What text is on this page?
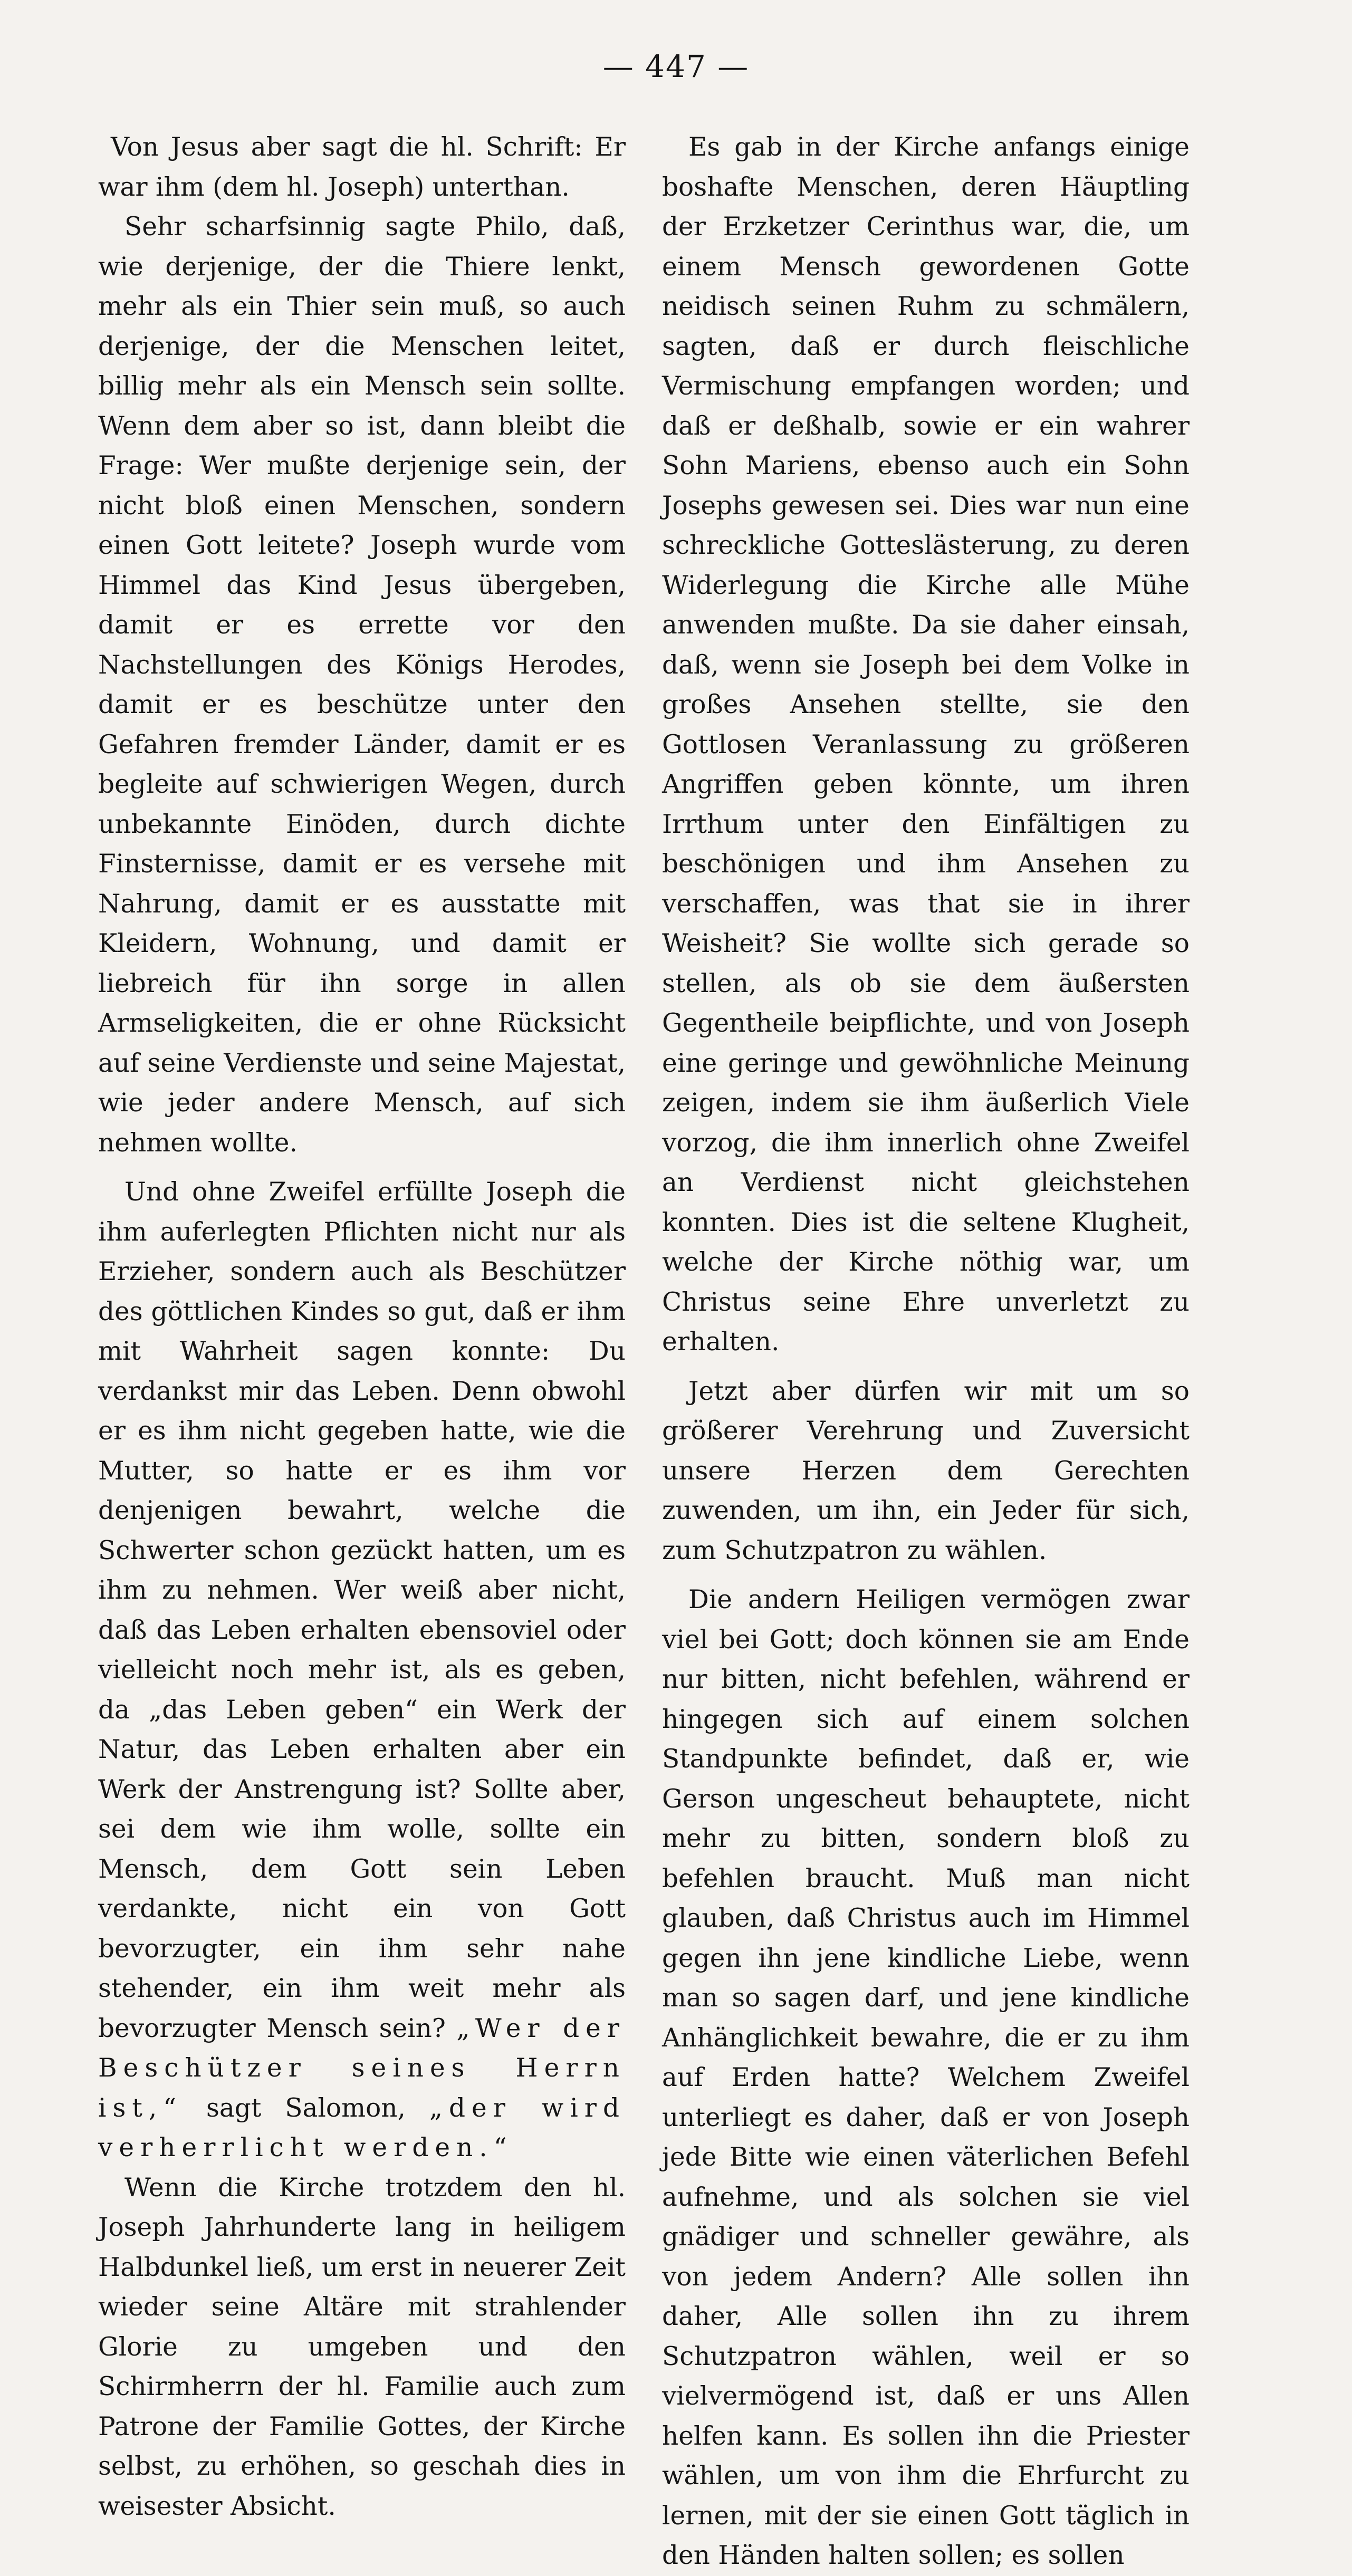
— 447 —

Von Jesus aber sagt die hl. Schrift: Er war ihm (dem hl. Joseph) unterthan.

Sehr scharfsinnig sagte Philo, daß, wie derjenige, der die Thiere lenkt, mehr als ein Thier sein muß, so auch derjenige, der die Menschen leitet, billig mehr als ein Mensch sein sollte. Wenn dem aber so ist, dann bleibt die Frage: Wer mußte derjenige sein, der nicht bloß einen Menschen, sondern einen Gott leitete? Joseph wurde vom Himmel das Kind Jesus übergeben, damit er es errette vor den Nachstellungen des Königs Herodes, damit er es beschütze unter den Gefahren fremder Länder, damit er es begleite auf schwierigen Wegen, durch unbekannte Einöden, durch dichte Finsternisse, damit er es versehe mit Nahrung, damit er es ausstatte mit Kleidern, Wohnung, und damit er liebreich für ihn sorge in allen Armseligkeiten, die er ohne Rücksicht auf seine Verdienste und seine Majestat, wie jeder andere Mensch, auf sich nehmen wollte.

Und ohne Zweifel erfüllte Joseph die ihm auferlegten Pflichten nicht nur als Erzieher, sondern auch als Beschützer des göttlichen Kindes so gut, daß er ihm mit Wahrheit sagen konnte: Du verdankst mir das Leben. Denn obwohl er es ihm nicht gegeben hatte, wie die Mutter, so hatte er es ihm vor denjenigen bewahrt, welche die Schwerter schon gezückt hatten, um es ihm zu nehmen. Wer weiß aber nicht, daß das Leben erhalten ebensoviel oder vielleicht noch mehr ist, als es geben, da „das Leben geben“ ein Werk der Natur, das Leben erhalten aber ein Werk der Anstrengung ist? Sollte aber, sei dem wie ihm wolle, sollte ein Mensch, dem Gott sein Leben verdankte, nicht ein von Gott bevorzugter, ein ihm sehr nahe stehender, ein ihm weit mehr als bevorzugter Mensch sein? „Wer der Beschützer seines Herrn ist,“ sagt Salomon, „der wird verherrlicht werden.“

Wenn die Kirche trotzdem den hl. Joseph Jahrhunderte lang in heiligem Halbdunkel ließ, um erst in neuerer Zeit wieder seine Altäre mit strahlender Glorie zu umgeben und den Schirmherrn der hl. Familie auch zum Patrone der Familie Gottes, der Kirche selbst, zu erhöhen, so geschah dies in weisester Absicht.

Es gab in der Kirche anfangs einige boshafte Menschen, deren Häuptling der Erzketzer Cerinthus war, die, um einem Mensch gewordenen Gotte neidisch seinen Ruhm zu schmälern, sagten, daß er durch fleischliche Vermischung empfangen worden; und daß er deßhalb, sowie er ein wahrer Sohn Mariens, ebenso auch ein Sohn Josephs gewesen sei. Dies war nun eine schreckliche Gotteslästerung, zu deren Widerlegung die Kirche alle Mühe anwenden mußte. Da sie daher einsah, daß, wenn sie Joseph bei dem Volke in großes Ansehen stellte, sie den Gottlosen Veranlassung zu größeren Angriffen geben könnte, um ihren Irrthum unter den Einfältigen zu beschönigen und ihm Ansehen zu verschaffen, was that sie in ihrer Weisheit? Sie wollte sich gerade so stellen, als ob sie dem äußersten Gegentheile beipflichte, und von Joseph eine geringe und gewöhnliche Meinung zeigen, indem sie ihm äußerlich Viele vorzog, die ihm innerlich ohne Zweifel an Verdienst nicht gleichstehen konnten. Dies ist die seltene Klugheit, welche der Kirche nöthig war, um Christus seine Ehre unverletzt zu erhalten.

Jetzt aber dürfen wir mit um so größerer Verehrung und Zuversicht unsere Herzen dem Gerechten zuwenden, um ihn, ein Jeder für sich, zum Schutzpatron zu wählen.

Die andern Heiligen vermögen zwar viel bei Gott; doch können sie am Ende nur bitten, nicht befehlen, während er hingegen sich auf einem solchen Standpunkte befindet, daß er, wie Gerson ungescheut behauptete, nicht mehr zu bitten, sondern bloß zu befehlen braucht. Muß man nicht glauben, daß Christus auch im Himmel gegen ihn jene kindliche Liebe, wenn man so sagen darf, und jene kindliche Anhänglichkeit bewahre, die er zu ihm auf Erden hatte? Welchem Zweifel unterliegt es daher, daß er von Joseph jede Bitte wie einen väterlichen Befehl aufnehme, und als solchen sie viel gnädiger und schneller gewähre, als von jedem Andern? Alle sollen ihn daher, Alle sollen ihn zu ihrem Schutzpatron wählen, weil er so vielvermögend ist, daß er uns Allen helfen kann. Es sollen ihn die Priester wählen, um von ihm die Ehrfurcht zu lernen, mit der sie einen Gott täglich in den Händen halten sollen; es sollen
